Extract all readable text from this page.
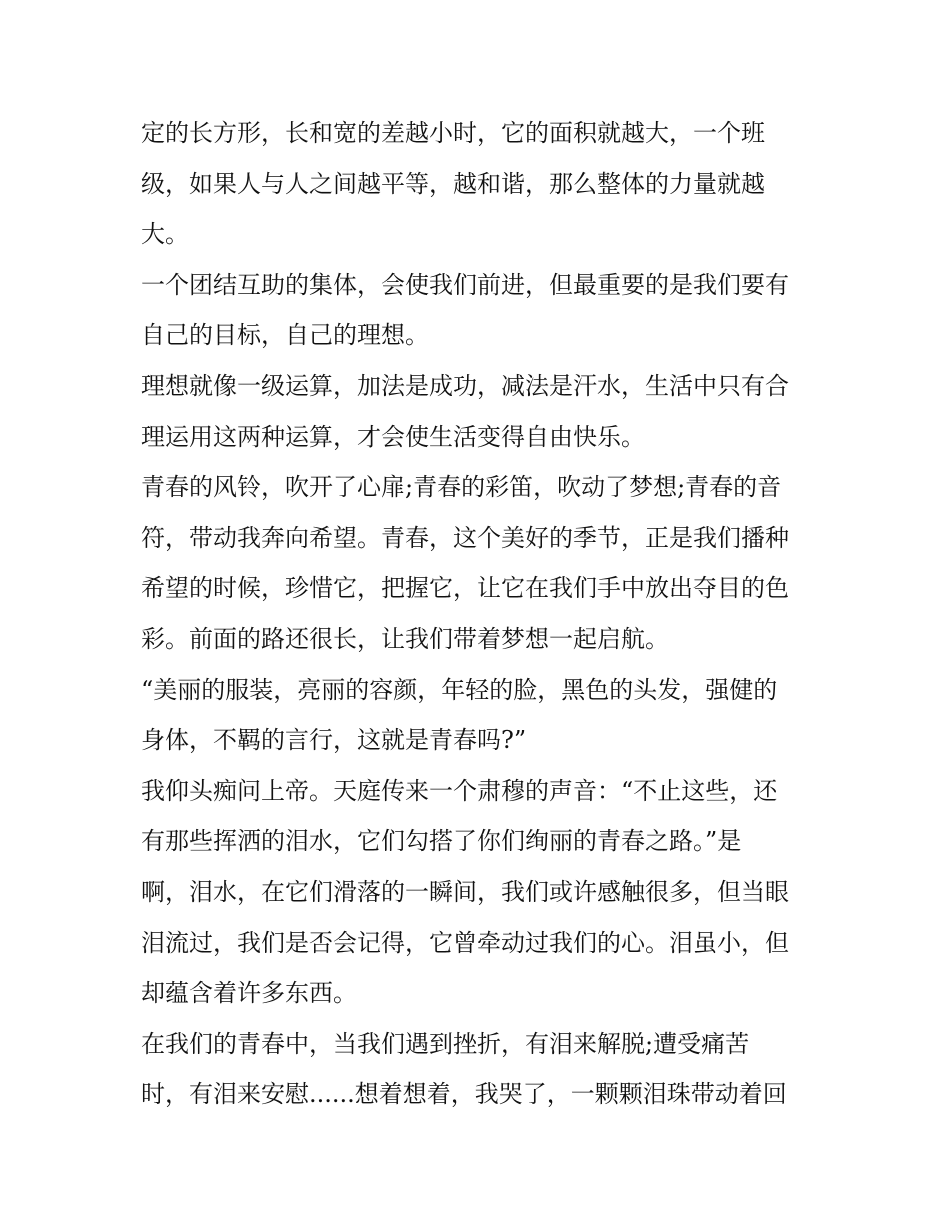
定的长方形，长和宽的差越小时，它的面积就越大，一个班

级，如果人与人之间越平等，越和谐，那么整体的力量就越

大。

一个团结互助的集体，会使我们前进，但最重要的是我们要有

自己的目标，自己的理想。

理想就像一级运算，加法是成功，减法是汗水，生活中只有合

理运用这两种运算，才会使生活变得自由快乐。

青春的风铃，吹开了心扉;青春的彩笛，吹动了梦想;青春的音

符，带动我奔向希望。青春，这个美好的季节，正是我们播种

希望的时候，珍惜它，把握它，让它在我们手中放出夺目的色

彩。前面的路还很长，让我们带着梦想一起启航。

“美丽的服装，亮丽的容颜，年轻的脸，黑色的头发，强健的

身体，不羁的言行，这就是青春吗?”

我仰头痴问上帝。天庭传来一个肃穆的声音：“不止这些，还

有那些挥洒的泪水，它们勾搭了你们绚丽的青春之路。”是

啊，泪水，在它们滑落的一瞬间，我们或许感触很多，但当眼

泪流过，我们是否会记得，它曾牵动过我们的心。泪虽小，但

却蕴含着许多东西。

在我们的青春中，当我们遇到挫折，有泪来解脱;遭受痛苦

时，有泪来安慰......想着想着，我哭了，一颗颗泪珠带动着回
